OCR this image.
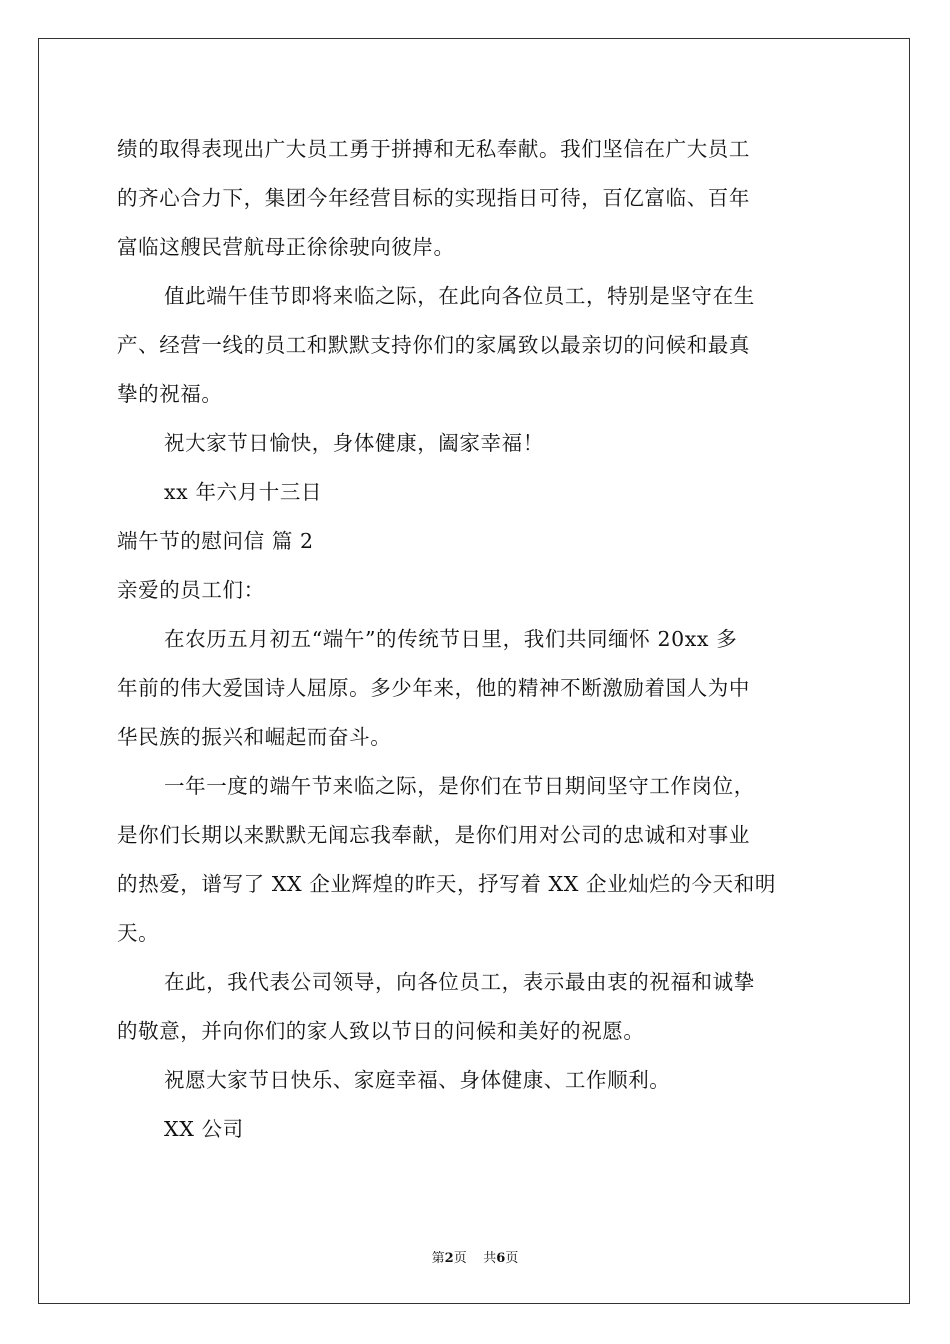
绩的取得表现出广大员工勇于拼搏和无私奉献。我们坚信在广大员工
的齐心合力下，集团今年经营目标的实现指日可待，百亿富临、百年
富临这艘民营航母正徐徐驶向彼岸。
值此端午佳节即将来临之际，在此向各位员工，特别是坚守在生
产、经营一线的员工和默默支持你们的家属致以最亲切的问候和最真
挚的祝福。
祝大家节日愉快，身体健康，阖家幸福！
xx 年六月十三日
端午节的慰问信 篇 2
亲爱的员工们：
在农历五月初五“端午”的传统节日里，我们共同缅怀 20xx 多
年前的伟大爱国诗人屈原。多少年来，他的精神不断激励着国人为中
华民族的振兴和崛起而奋斗。
一年一度的端午节来临之际，是你们在节日期间坚守工作岗位，
是你们长期以来默默无闻忘我奉献，是你们用对公司的忠诚和对事业
的热爱，谱写了 XX 企业辉煌的昨天，抒写着 XX 企业灿烂的今天和明
天。
在此，我代表公司领导，向各位员工，表示最由衷的祝福和诚挚
的敬意，并向你们的家人致以节日的问候和美好的祝愿。
祝愿大家节日快乐、家庭幸福、身体健康、工作顺利。
XX 公司
第2页 共6页
